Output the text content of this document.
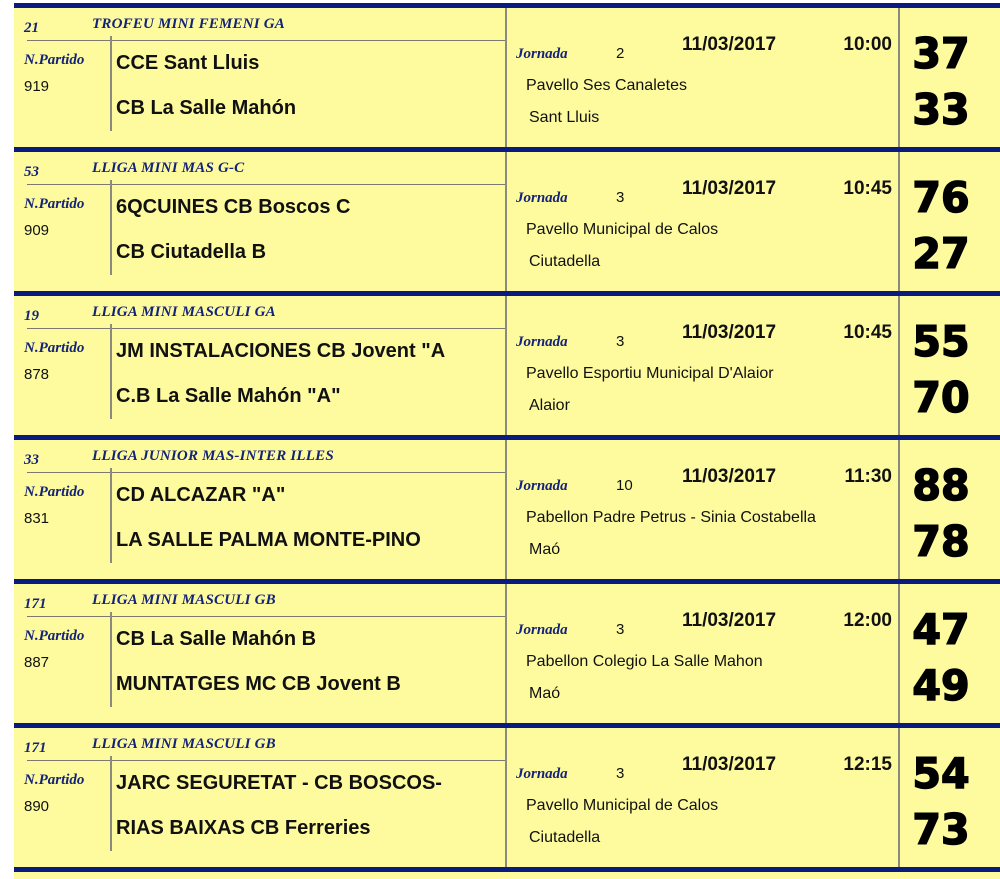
21	TROFEU MINI FEMENI GA
N.Partido
919
CCE Sant Lluis
CB La Salle Mahón
Jornada	2	11/03/2017	10:00
Pavello Ses Canaletes
Sant Lluis
37
33
53	LLIGA MINI MAS G-C
N.Partido
909
6QCUINES CB Boscos C
CB Ciutadella B
Jornada	3	11/03/2017	10:45
Pavello Municipal de Calos
Ciutadella
76
27
19	LLIGA MINI MASCULI GA
N.Partido
878
JM INSTALACIONES CB Jovent "A
C.B La Salle Mahón "A"
Jornada	3	11/03/2017	10:45
Pavello Esportiu Municipal D'Alaior
Alaior
55
70
33	LLIGA JUNIOR MAS-INTER ILLES
N.Partido
831
CD ALCAZAR "A"
LA SALLE PALMA MONTE-PINO
Jornada	10	11/03/2017	11:30
Pabellon Padre Petrus - Sinia Costabella
Maó
88
78
171	LLIGA MINI MASCULI GB
N.Partido
887
CB La Salle Mahón B
MUNTATGES MC CB Jovent B
Jornada	3	11/03/2017	12:00
Pabellon Colegio La Salle Mahon
Maó
47
49
171	LLIGA MINI MASCULI GB
N.Partido
890
JARC SEGURETAT - CB BOSCOS-
RIAS BAIXAS CB Ferreries
Jornada	3	11/03/2017	12:15
Pavello Municipal de Calos
Ciutadella
54
73
